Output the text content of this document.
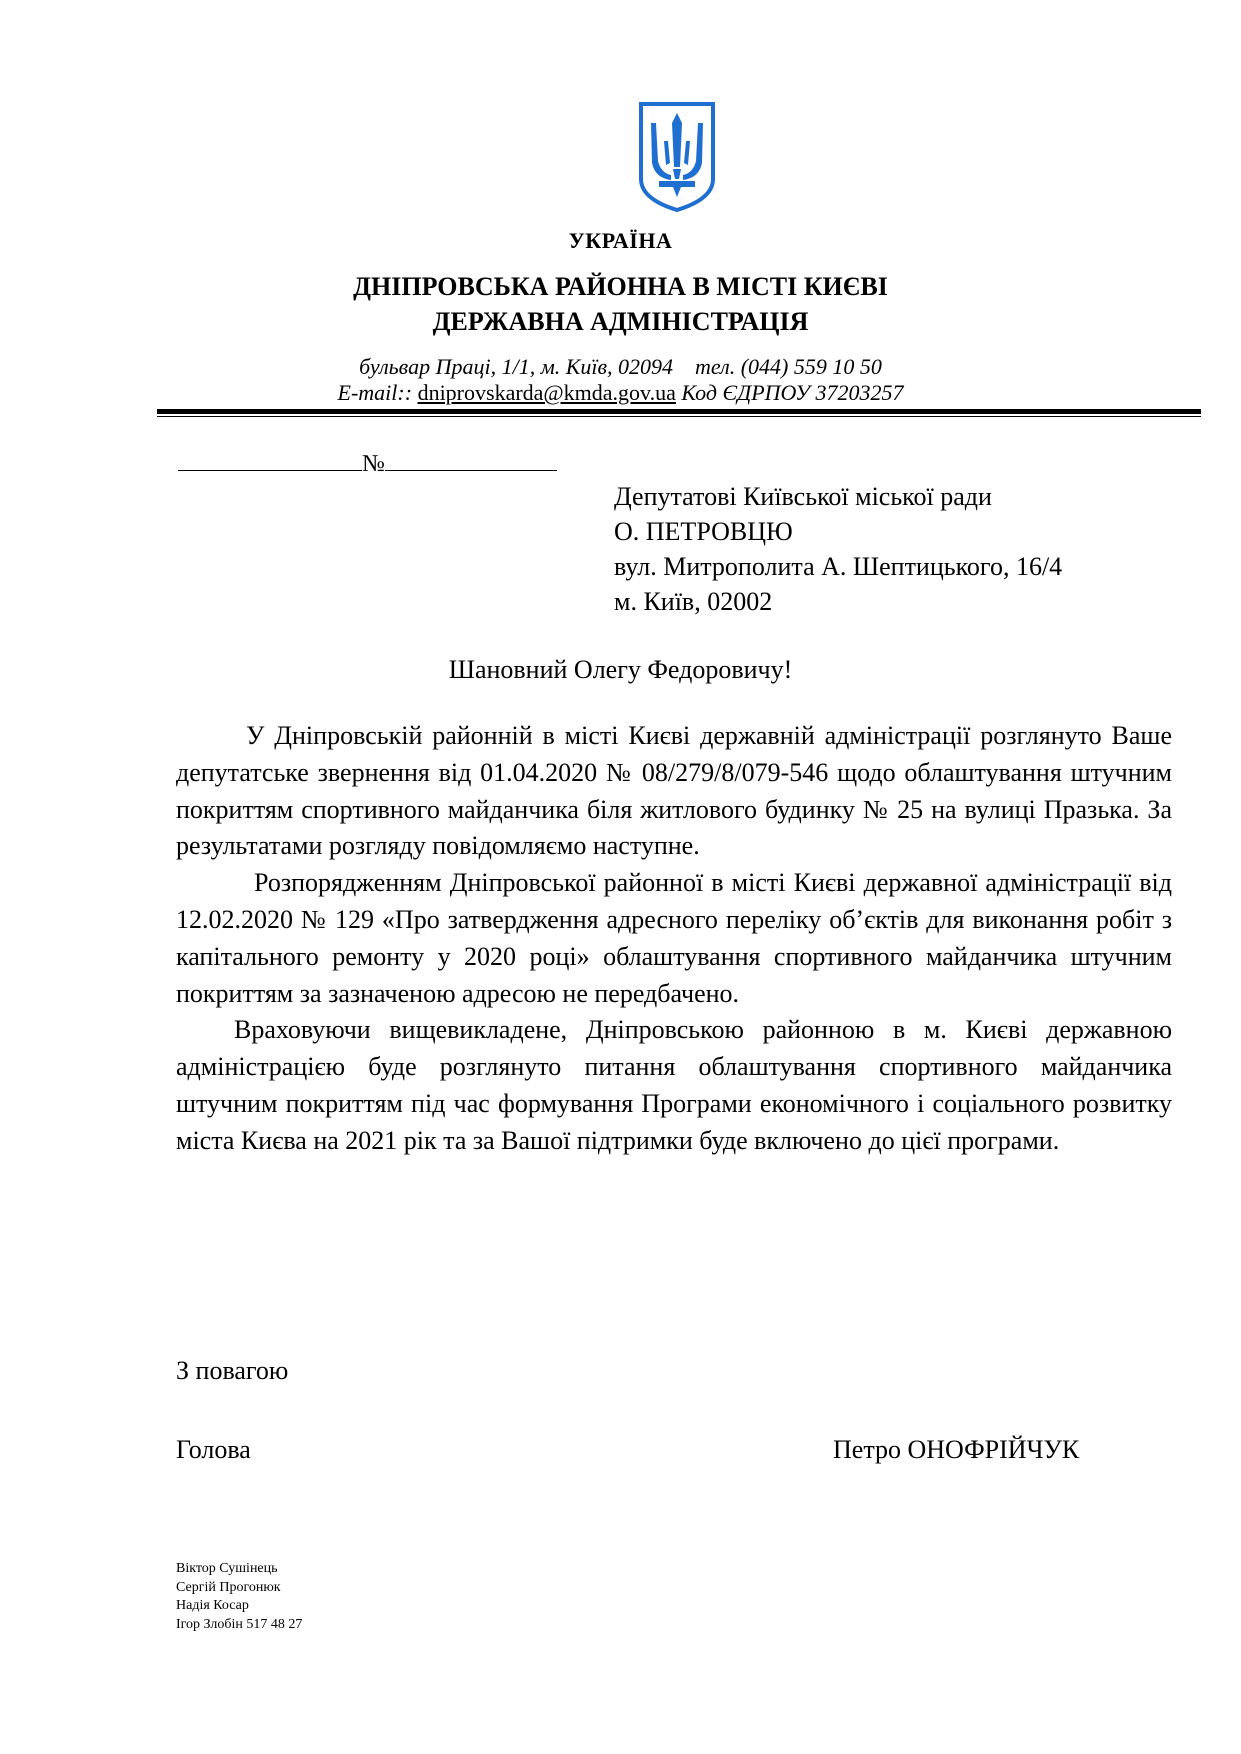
УКРАЇНА
ДНІПРОВСЬКА РАЙОННА В МІСТІ КИЄВІ
ДЕРЖАВНА АДМІНІСТРАЦІЯ
бульвар Праці, 1/1, м. Київ, 02094 тел. (044) 559 10 50
E-mail:: dniprovskarda@kmda.gov.ua Код ЄДРПОУ 37203257
№
Депутатові Київської міської ради
О. ПЕТРОВЦЮ
вул. Митрополита А. Шептицького, 16/4
м. Київ, 02002
Шановний Олегу Федоровичу!

У Дніпровській районній в місті Києві державній адміністрації розглянуто Ваше депутатське звернення від 01.04.2020 № 08/279/8/079-546 щодо облаштування штучним покриттям спортивного майданчика біля житлового будинку № 25 на вулиці Празька. За результатами розгляду повідомляємо наступне.

Розпорядженням Дніпровської районної в місті Києві державної адміністрації від 12.02.2020 № 129 «Про затвердження адресного переліку об’єктів для виконання робіт з капітального ремонту у 2020 році» облаштування спортивного майданчика штучним покриттям за зазначеною адресою не передбачено.

Враховуючи вищевикладене, Дніпровською районною в м. Києві державною адміністрацією буде розглянуто питання облаштування спортивного майданчика штучним покриттям під час формування Програми економічного і соціального розвитку міста Києва на 2021 рік та за Вашої підтримки буде включено до цієї програми.

З повагою
Голова	Петро ОНОФРІЙЧУК
Віктор Сушінець
Сергій Прогонюк
Надія Косар
Ігор Злобін 517 48 27
